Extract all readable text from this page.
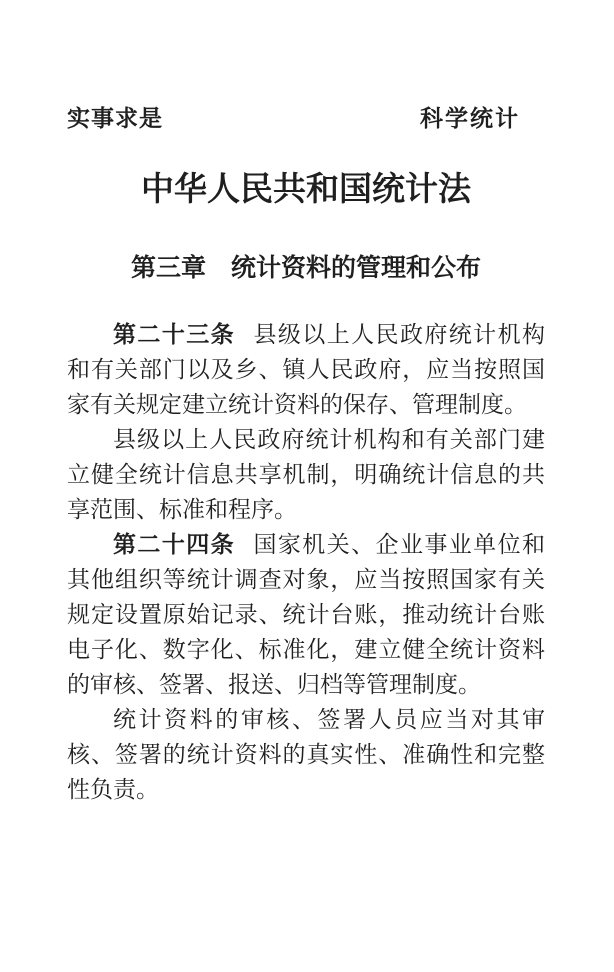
实事求是	科学统计
中华人民共和国统计法
第三章　统计资料的管理和公布

第二十三条 县级以上人民政府统计机构和有关部门以及乡、镇人民政府，应当按照国家有关规定建立统计资料的保存、管理制度。

县级以上人民政府统计机构和有关部门建立健全统计信息共享机制，明确统计信息的共享范围、标准和程序。

第二十四条 国家机关、企业事业单位和其他组织等统计调查对象，应当按照国家有关规定设置原始记录、统计台账，推动统计台账电子化、数字化、标准化，建立健全统计资料的审核、签署、报送、归档等管理制度。

统计资料的审核、签署人员应当对其审核、签署的统计资料的真实性、准确性和完整性负责。
